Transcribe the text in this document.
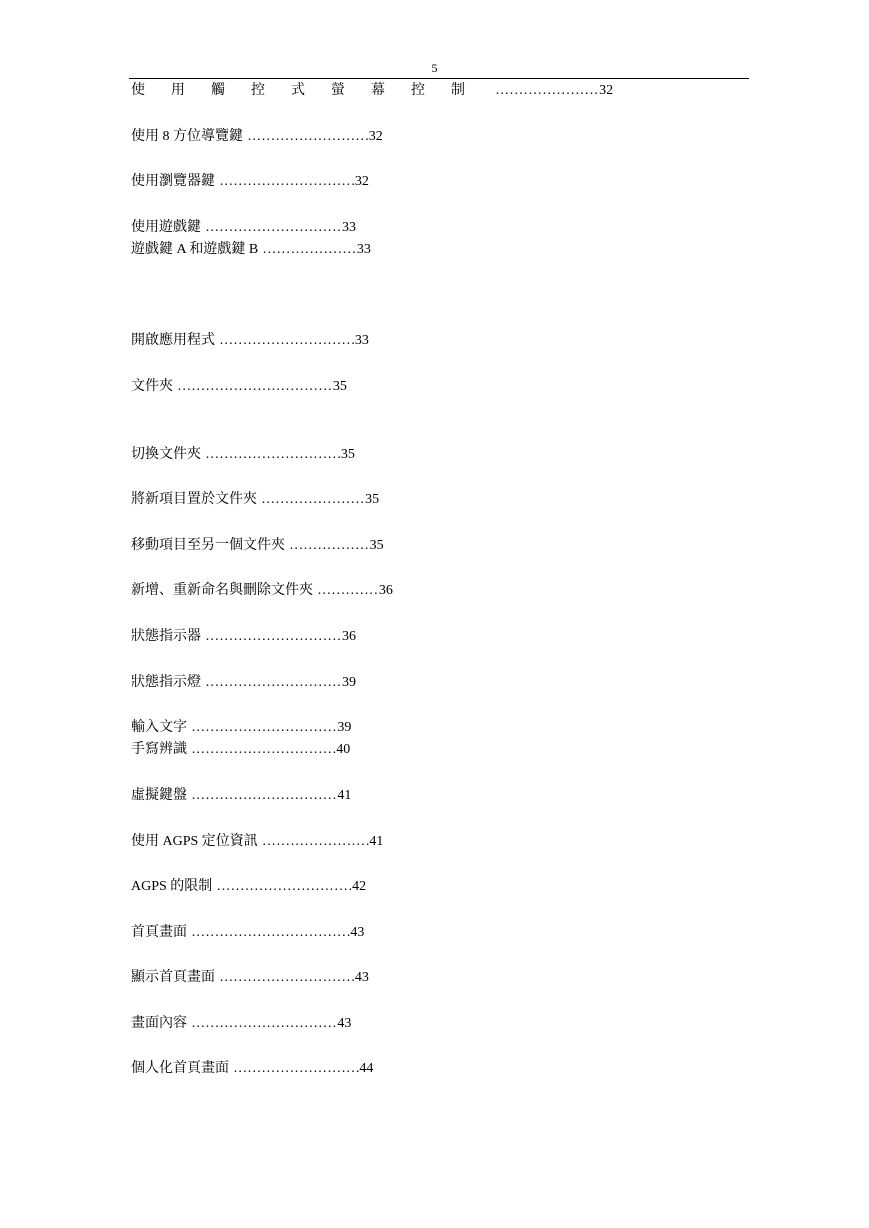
5
使用觸控式螢幕控制 ......................32
使用 8 方位導覽鍵 ..........................32
使用瀏覽器鍵 .............................32
使用遊戲鍵 .............................33
遊戲鍵 A 和遊戲鍵 B ....................33
開啟應用程式 .............................33
文件夾 .................................35
切換文件夾 .............................35
將新項目置於文件夾 ......................35
移動項目至另一個文件夾 .................35
新增、重新命名與刪除文件夾 .............36
狀態指示器 .............................36
狀態指示燈 .............................39
輸入文字 ...............................39
手寫辨識 ...............................40
虛擬鍵盤 ...............................41
使用 AGPS 定位資訊 .......................41
AGPS 的限制 .............................42
首頁畫面 ..................................43
顯示首頁畫面 .............................43
畫面內容 ...............................43
個人化首頁畫面 ...........................44
